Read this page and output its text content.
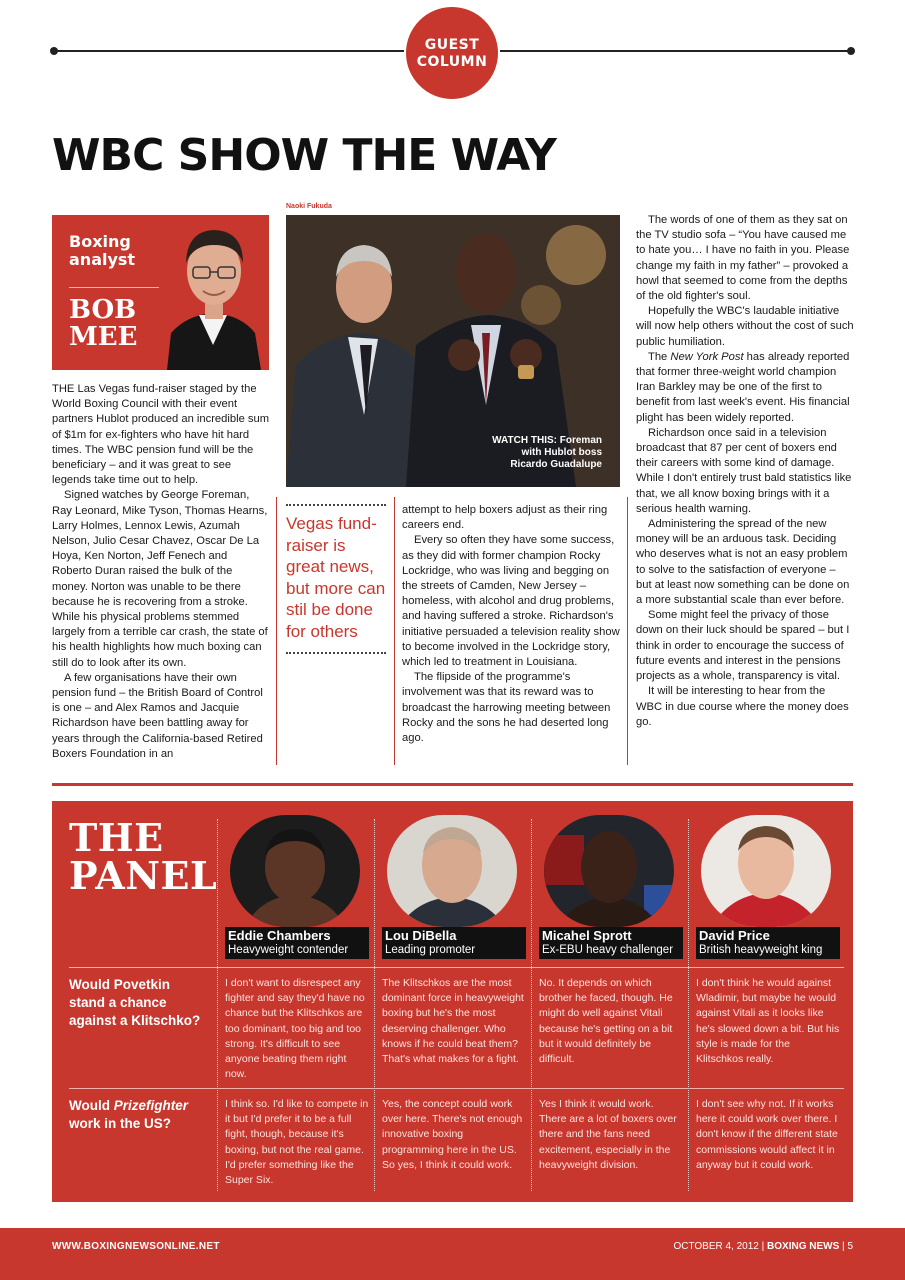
GUEST
COLUMN
WBC SHOW THE WAY
Boxing
analyst
BOB
MEE
Naoki Fukuda
WATCH THIS: Foreman
with Hublot boss
Ricardo Guadalupe

THE Las Vegas fund-raiser staged by the World Boxing Council with their event partners Hublot produced an incredible sum of $1m for ex-fighters who have hit hard times. The WBC pension fund will be the beneficiary – and it was great to see legends take time out to help.

Signed watches by George Foreman, Ray Leonard, Mike Tyson, Thomas Hearns, Larry Holmes, Lennox Lewis, Azumah Nelson, Julio Cesar Chavez, Oscar De La Hoya, Ken Norton, Jeff Fenech and Roberto Duran raised the bulk of the money. Norton was unable to be there because he is recovering from a stroke. While his physical problems stemmed largely from a terrible car crash, the state of his health highlights how much boxing can still do to look after its own.

A few organisations have their own pension fund – the British Board of Control is one – and Alex Ramos and Jacquie Richardson have been battling away for years through the California-based Retired Boxers Foundation in an

Vegas fund-raiser is great news, but more can stil be done for others

attempt to help boxers adjust as their ring careers end.

Every so often they have some success, as they did with former champion Rocky Lockridge, who was living and begging on the streets of Camden, New Jersey – homeless, with alcohol and drug problems, and having suffered a stroke. Richardson's initiative persuaded a television reality show to become involved in the Lockridge story, which led to treatment in Louisiana.

The flipside of the programme's involvement was that its reward was to broadcast the harrowing meeting between Rocky and the sons he had deserted long ago.

The words of one of them as they sat on the TV studio sofa – “You have caused me to hate you… I have no faith in you. Please change my faith in my father” – provoked a howl that seemed to come from the depths of the old fighter's soul.

Hopefully the WBC's laudable initiative will now help others without the cost of such public humiliation.

The New York Post has already reported that former three-weight world champion Iran Barkley may be one of the first to benefit from last week's event. His financial plight has been widely reported.

Richardson once said in a television broadcast that 87 per cent of boxers end their careers with some kind of damage. While I don't entirely trust bald statistics like that, we all know boxing brings with it a serious health warning.

Administering the spread of the new money will be an arduous task. Deciding who deserves what is not an easy problem to solve to the satisfaction of everyone – but at least now something can be done on a more substantial scale than ever before.

Some might feel the privacy of those down on their luck should be spared – but I think in order to encourage the success of future events and interest in the pensions projects as a whole, transparency is vital.

It will be interesting to hear from the WBC in due course where the money does go.

THE
PANEL
Eddie Chambers
Heavyweight contender
Lou DiBella
Leading promoter
Micahel Sprott
Ex-EBU heavy challenger
David Price
British heavyweight king
Would Povetkin stand a chance against a Klitschko?
I don't want to disrespect any fighter and say they'd have no chance but the Klitschkos are too dominant, too big and too strong. It's difficult to see anyone beating them right now.
The Klitschkos are the most dominant force in heavyweight boxing but he's the most deserving challenger. Who knows if he could beat them? That's what makes for a fight.
No. It depends on which brother he faced, though. He might do well against Vitali because he's getting on a bit but it would definitely be difficult.
I don't think he would against Wladimir, but maybe he would against Vitali as it looks like he's slowed down a bit. But his style is made for the Klitschkos really.
Would Prizefighter work in the US?
I think so. I'd like to compete in it but I'd prefer it to be a full fight, though, because it's boxing, but not the real game. I'd prefer something like the Super Six.
Yes, the concept could work over here. There's not enough innovative boxing programming here in the US. So yes, I think it could work.
Yes I think it would work. There are a lot of boxers over there and the fans need excitement, especially in the heavyweight division.
I don't see why not. If it works here it could work over there. I don't know if the different state commissions would affect it in anyway but it could work.
WWW.BOXINGNEWSONLINE.NET	OCTOBER 4, 2012 | BOXING NEWS | 5
